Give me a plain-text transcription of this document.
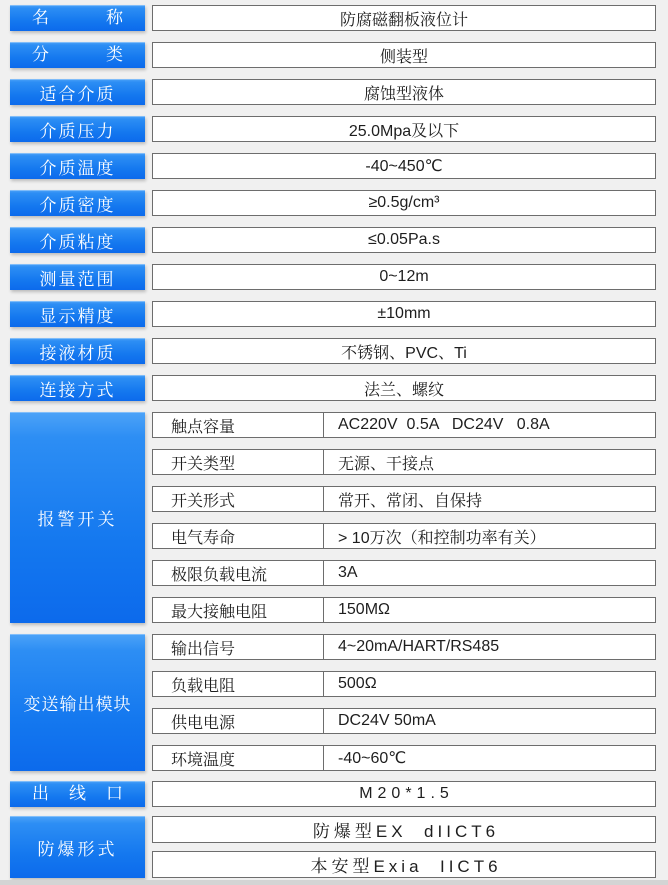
名 称	防腐磁翻板液位计
分 类	侧装型
适合介质	腐蚀型液体
介质压力	25.0Mpa及以下
介质温度	-40~450℃
介质密度	≥0.5g/cm³
介质粘度	≤0.05Pa.s
测量范围	0~12m
显示精度	±10mm
接液材质	不锈钢、PVC、Ti
连接方式	法兰、螺纹
报警开关
触点容量	AC220V  0.5A   DC24V   0.8A
开关类型	无源、干接点
开关形式	常开、常闭、自保持
电气寿命	> 10万次（和控制功率有关）
极限负载电流	3A
最大接触电阻	150MΩ
变送输出模块
输出信号	4~20mA/HART/RS485
负载电阻	500Ω
供电电源	DC24V 50mA
环境温度	-40~60℃
出 线 口	M20*1.5
防爆形式
防爆型EX  dIICT6
本安型Exia  IICT6
